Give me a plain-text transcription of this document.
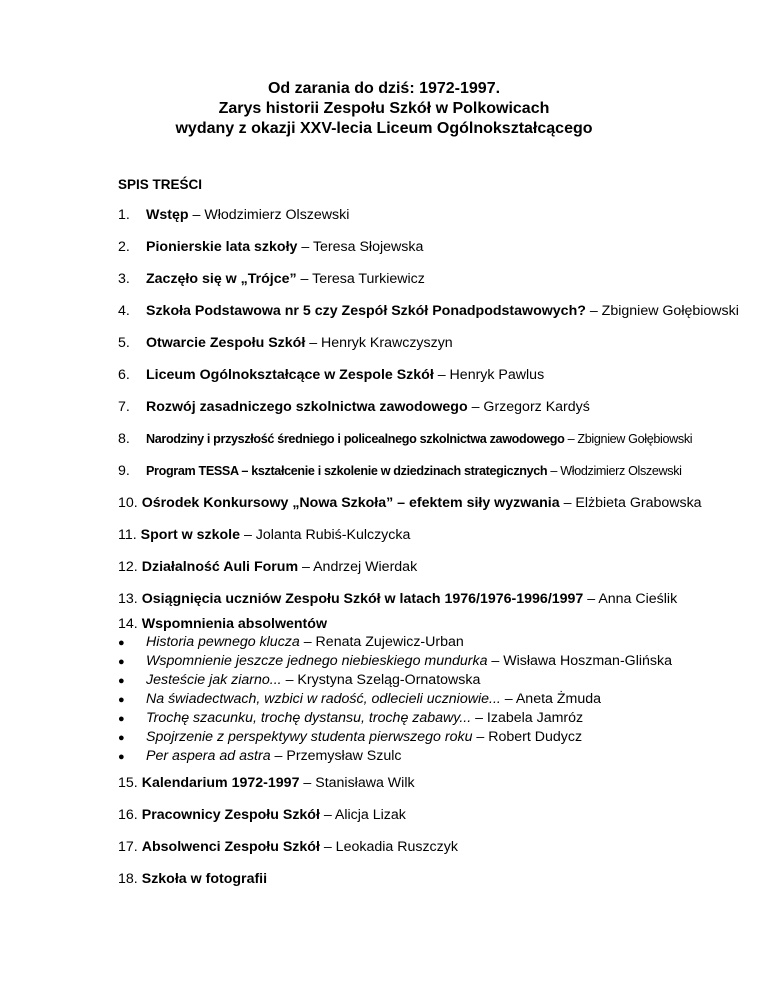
Od zarania do dziś: 1972-1997.
Zarys historii Zespołu Szkół w Polkowicach
wydany z okazji XXV-lecia Liceum Ogólnokształcącego
SPIS TREŚCI
1. Wstęp – Włodzimierz Olszewski
2. Pionierskie lata szkoły – Teresa Słojewska
3. Zaczęło się w „Trójce” – Teresa Turkiewicz
4. Szkoła Podstawowa nr 5 czy Zespół Szkół Ponadpodstawowych? – Zbigniew Gołębiowski
5. Otwarcie Zespołu Szkół – Henryk Krawczyszyn
6. Liceum Ogólnokształcące w Zespole Szkół – Henryk Pawlus
7. Rozwój zasadniczego szkolnictwa zawodowego – Grzegorz Kardyś
8. Narodziny i przyszłość średniego i policealnego szkolnictwa zawodowego – Zbigniew Gołębiowski
9. Program TESSA – kształcenie i szkolenie w dziedzinach strategicznych – Włodzimierz Olszewski
10. Ośrodek Konkursowy „Nowa Szkoła” – efektem siły wyzwania – Elżbieta Grabowska
11. Sport w szkole – Jolanta Rubiś-Kulczycka
12. Działalność Auli Forum – Andrzej Wierdak
13. Osiągnięcia uczniów Zespołu Szkół w latach 1976/1976-1996/1997 – Anna Cieślik
14. Wspomnienia absolwentów
● Historia pewnego klucza – Renata Zujewicz-Urban
● Wspomnienie jeszcze jednego niebieskiego mundurka – Wisława Hoszman-Glińska
● Jesteście jak ziarno... – Krystyna Szeląg-Ornatowska
● Na świadectwach, wzbici w radość, odlecieli uczniowie... – Aneta Żmuda
● Trochę szacunku, trochę dystansu, trochę zabawy... – Izabela Jamróz
● Spojrzenie z perspektywy studenta pierwszego roku – Robert Dudycz
● Per aspera ad astra – Przemysław Szulc
15. Kalendarium 1972-1997 – Stanisława Wilk
16. Pracownicy Zespołu Szkół – Alicja Lizak
17. Absolwenci Zespołu Szkół – Leokadia Ruszczyk
18. Szkoła w fotografii
